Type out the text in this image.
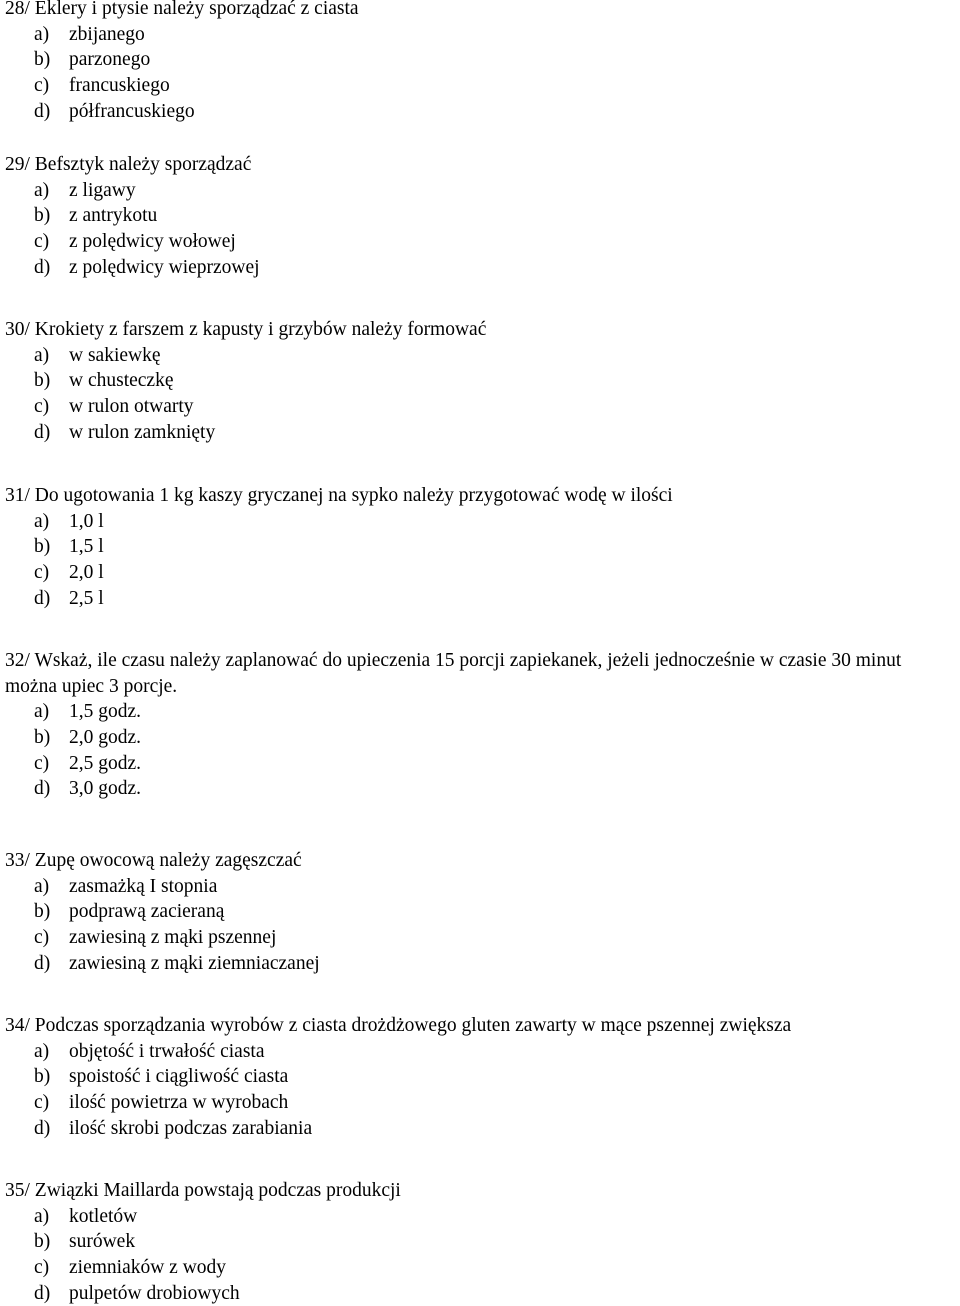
28/ Eklery i ptysie należy sporządzać z ciasta
a)	zbijanego
b) parzonego
c)	francuskiego
d) półfrancuskiego
29/ Befsztyk należy sporządzać
a)	z ligawy
b) z antrykotu
c)	z polędwicy wołowej
d) z polędwicy wieprzowej
30/ Krokiety z farszem z kapusty i grzybów należy formować
a)	w sakiewkę
b) w chusteczkę
c)	w rulon otwarty
d) w rulon zamknięty
31/ Do ugotowania 1 kg kaszy gryczanej na sypko należy przygotować wodę w ilości
a)	1,0 l
b) 1,5 l
c)	2,0 l
d) 2,5 l
32/ Wskaż, ile czasu należy zaplanować do upieczenia 15 porcji zapiekanek, jeżeli jednocześnie w czasie 30 minut można upiec 3 porcje.
a)	1,5 godz.
b) 2,0 godz.
c)	2,5 godz.
d) 3,0 godz.
33/ Zupę owocową należy zagęszczać
a)	zasmażką I stopnia
b) podprawą zacieraną
c)	zawiesiną z mąki pszennej
d) zawiesiną z mąki ziemniaczanej
34/ Podczas sporządzania wyrobów z ciasta drożdżowego gluten zawarty w mące pszennej zwiększa
a)	objętość i trwałość ciasta
b) spoistość i ciągliwość ciasta
c)	ilość powietrza w wyrobach
d) ilość skrobi podczas zarabiania
35/ Związki Maillarda powstają podczas produkcji
a)	kotletów
b) surówek
c)	ziemniaków z wody
d) pulpetów drobiowych
